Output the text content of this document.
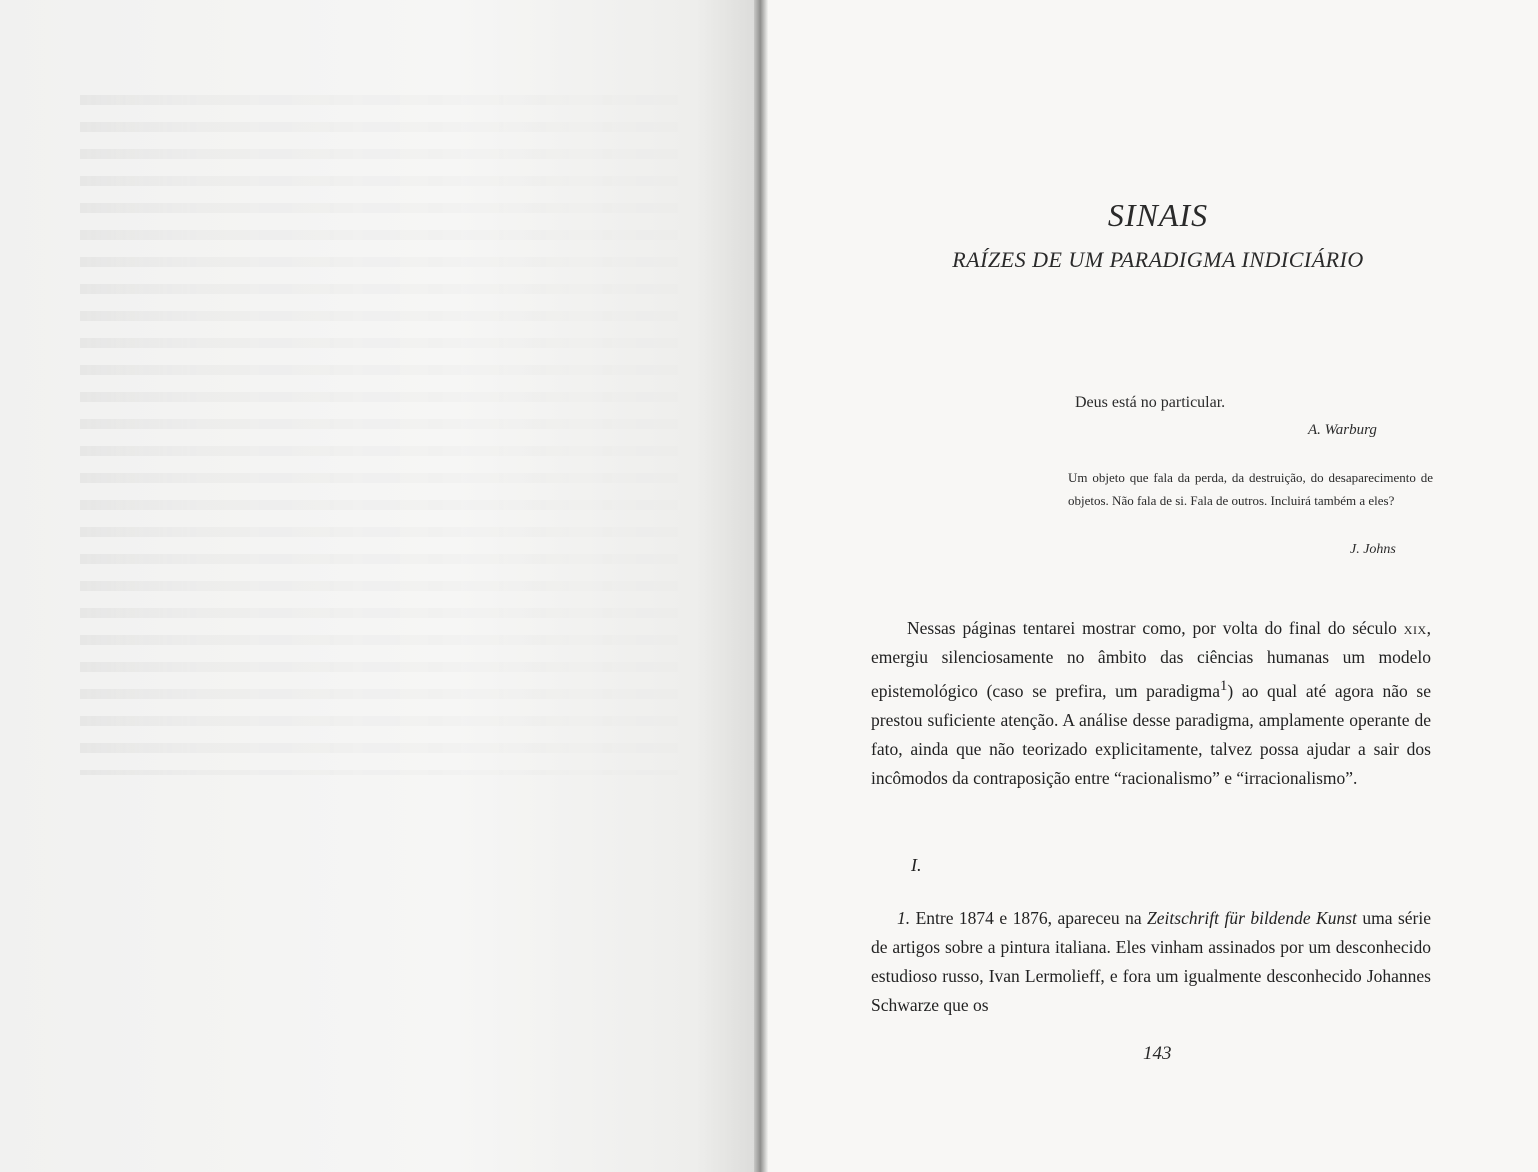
SINAIS
RAÍZES DE UM PARADIGMA INDICIÁRIO
Deus está no particular.
A. Warburg
Um objeto que fala da perda, da destruição, do desaparecimento de objetos. Não fala de si. Fala de outros. Incluirá também a eles?
J. Johns

Nessas páginas tentarei mostrar como, por volta do final do século xix, emergiu silenciosamente no âmbito das ciências humanas um modelo epistemológico (caso se prefira, um paradigma$^1$) ao qual até agora não se prestou suficiente atenção. A análise desse paradigma, amplamente operante de fato, ainda que não teorizado explicitamente, talvez possa ajudar a sair dos incômodos da contraposição entre “racionalismo” e “irracionalismo”.

I.

1. Entre 1874 e 1876, apareceu na Zeitschrift für bildende Kunst uma série de artigos sobre a pintura italiana. Eles vinham assinados por um desconhecido estudioso russo, Ivan Lermolieff, e fora um igualmente desconhecido Johannes Schwarze que os

143
